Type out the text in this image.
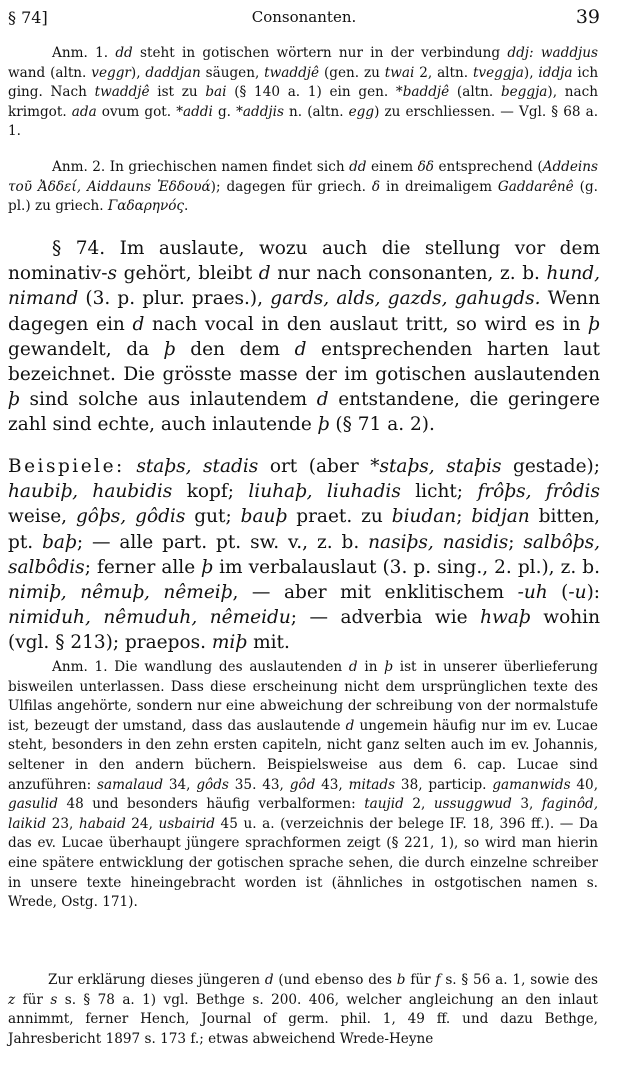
§ 74]	Consonanten.	39

Anm. 1. dd steht in gotischen wörtern nur in der verbindung ddj: waddjus wand (altn. veggr), daddjan säugen, twaddjê (gen. zu twai 2, altn. tveggja), iddja ich ging. Nach twaddjê ist zu bai (§ 140 a. 1) ein gen. *baddjê (altn. beggja), nach krimgot. ada ovum got. *addi g. *addjis n. (altn. egg) zu erschliessen. — Vgl. § 68 a. 1.

Anm. 2. In griechischen namen findet sich dd einem δδ entsprechend (Addeins τοῦ Ἀδδεί, Aiddauns Ἐδδουά); dagegen für griech. δ in dreimaligem Gaddarênê (g. pl.) zu griech. Γαδαρηνός.

§ 74. Im auslaute, wozu auch die stellung vor dem nominativ-s gehört, bleibt d nur nach consonanten, z. b. hund, nimand (3. p. plur. praes.), gards, alds, gazds, gahugds. Wenn dagegen ein d nach vocal in den auslaut tritt, so wird es in þ gewandelt, da þ den dem d entsprechenden harten laut bezeichnet. Die grösste masse der im gotischen auslautenden þ sind solche aus inlautendem d entstandene, die geringere zahl sind echte, auch inlautende þ (§ 71 a. 2).

Beispiele: staþs, stadis ort (aber *staþs, staþis gestade); haubiþ, haubidis kopf; liuhaþ, liuhadis licht; frôþs, frôdis weise, gôþs, gôdis gut; bauþ praet. zu biudan; bidjan bitten, pt. baþ; — alle part. pt. sw. v., z. b. nasiþs, nasidis; salbôþs, salbôdis; ferner alle þ im verbalauslaut (3. p. sing., 2. pl.), z. b. nimiþ, nêmuþ, nêmeiþ, — aber mit enklitischem -uh (-u): nimiduh, nêmuduh, nêmeidu; — adverbia wie hwaþ wohin (vgl. § 213); praepos. miþ mit.

Anm. 1. Die wandlung des auslautenden d in þ ist in unserer überlieferung bisweilen unterlassen. Dass diese erscheinung nicht dem ursprünglichen texte des Ulfilas angehörte, sondern nur eine abweichung der schreibung von der normalstufe ist, bezeugt der umstand, dass das auslautende d ungemein häufig nur im ev. Lucae steht, besonders in den zehn ersten capiteln, nicht ganz selten auch im ev. Johannis, seltener in den andern büchern. Beispielsweise aus dem 6. cap. Lucae sind anzuführen: samalaud 34, gôds 35. 43, gôd 43, mitads 38, particip. gamanwids 40, gasulid 48 und besonders häufig verbalformen: taujid 2, ussuggwud 3, faginôd, laikid 23, habaid 24, usbairid 45 u. a. (verzeichnis der belege IF. 18, 396 ff.). — Da das ev. Lucae überhaupt jüngere sprachformen zeigt (§ 221, 1), so wird man hierin eine spätere entwicklung der gotischen sprache sehen, die durch einzelne schreiber in unsere texte hineingebracht worden ist (ähnliches in ostgotischen namen s. Wrede, Ostg. 171).

Zur erklärung dieses jüngeren d (und ebenso des b für f s. § 56 a. 1, sowie des z für s s. § 78 a. 1) vgl. Bethge s. 200. 406, welcher angleichung an den inlaut annimmt, ferner Hench, Journal of germ. phil. 1, 49 ff. und dazu Bethge, Jahresbericht 1897 s. 173 f.; etwas abweichend Wrede-Heyne
